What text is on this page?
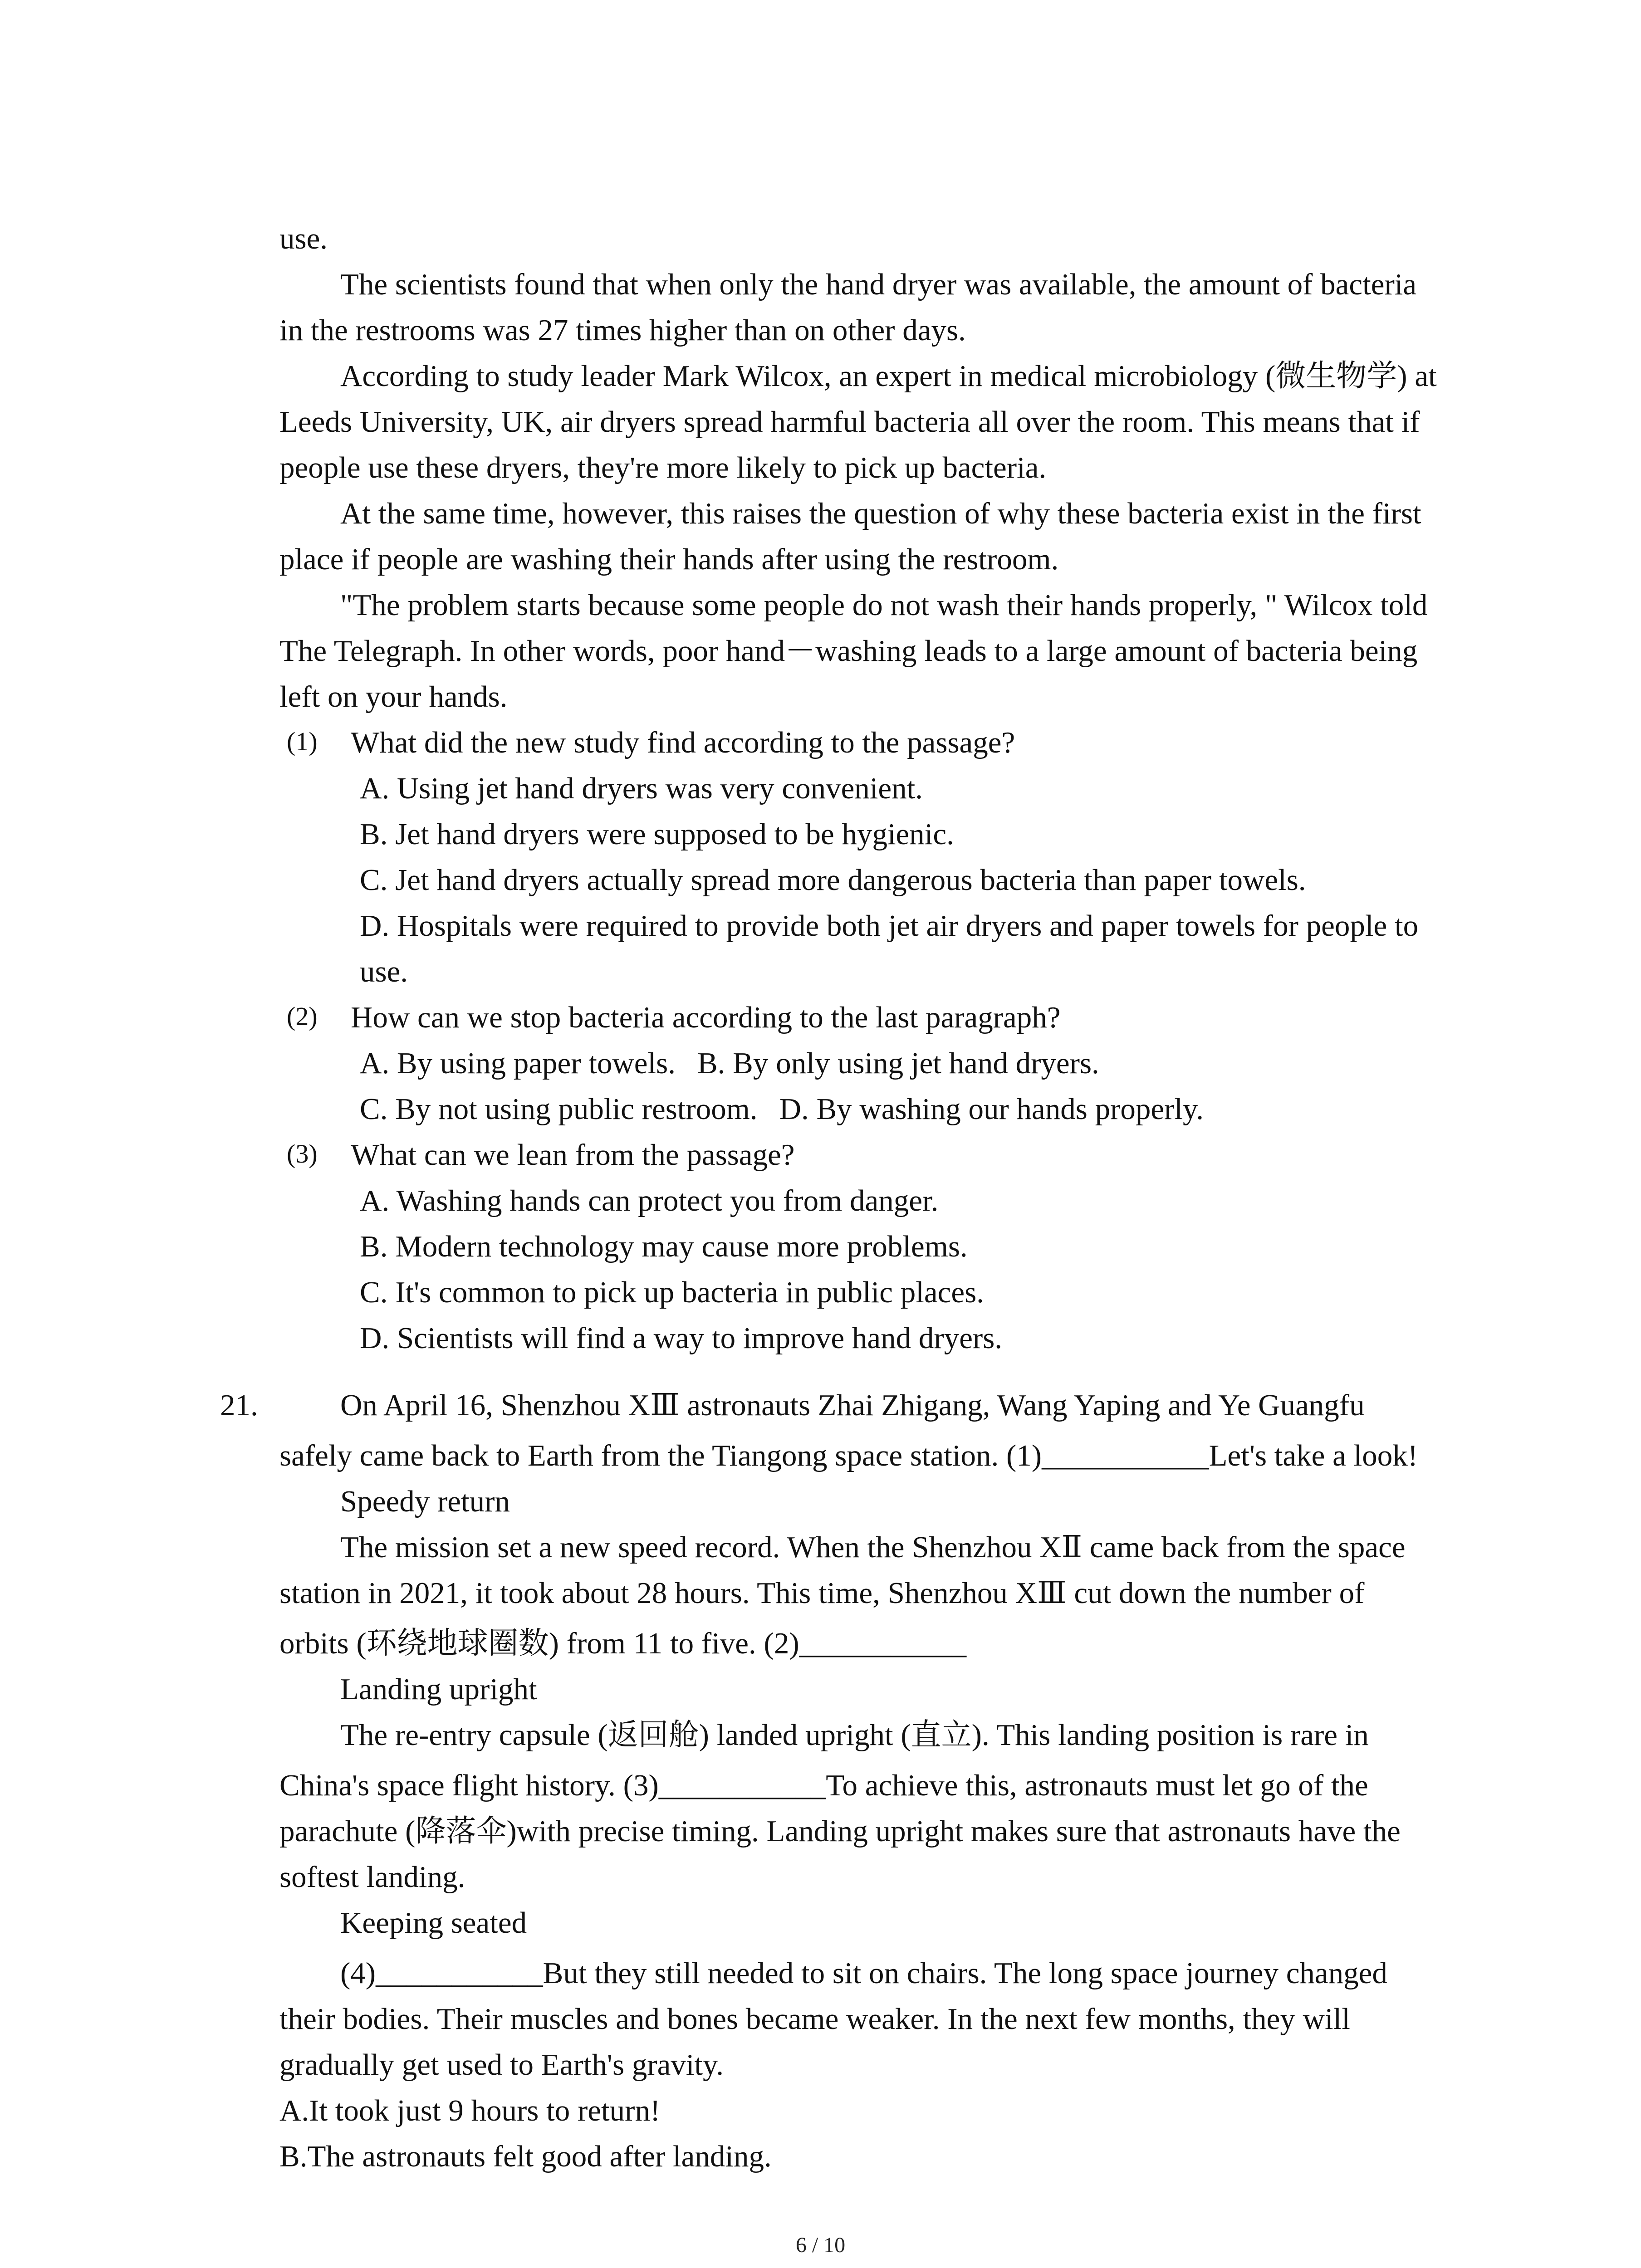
use.
The scientists found that when only the hand dryer was available, the amount of bacteria
in the restrooms was 27 times higher than on other days.
According to study leader Mark Wilcox, an expert in medical microbiology (微生物学) at
Leeds University, UK, air dryers spread harmful bacteria all over the room. This means that if
people use these dryers, they're more likely to pick up bacteria.
At the same time, however, this raises the question of why these bacteria exist in the first
place if people are washing their hands after using the restroom.
"The problem starts because some people do not wash their hands properly, " Wilcox told
The Telegraph. In other words, poor hand－washing leads to a large amount of bacteria being
left on your hands.
(1) What did the new study find according to the passage?
A. Using jet hand dryers was very convenient.
B. Jet hand dryers were supposed to be hygienic.
C. Jet hand dryers actually spread more dangerous bacteria than paper towels.
D. Hospitals were required to provide both jet air dryers and paper towels for people to
use.
(2) How can we stop bacteria according to the last paragraph?
A. By using paper towels. B. By only using jet hand dryers.
C. By not using public restroom. D. By washing our hands properly.
(3) What can we lean from the passage?
A. Washing hands can protect you from danger.
B. Modern technology may cause more problems.
C. It's common to pick up bacteria in public places.
D. Scientists will find a way to improve hand dryers.
21.	On April 16, Shenzhou XⅢ astronauts Zhai Zhigang, Wang Yaping and Ye Guangfu
safely came back to Earth from the Tiangong space station. (1)___________Let's take a look!
Speedy return
The mission set a new speed record. When the Shenzhou XⅡ came back from the space
station in 2021, it took about 28 hours. This time, Shenzhou XⅢ cut down the number of
orbits (环绕地球圈数) from 11 to five. (2)___________
Landing upright
The re-entry capsule (返回舱) landed upright (直立). This landing position is rare in
China's space flight history. (3)___________To achieve this, astronauts must let go of the
parachute (降落伞)with precise timing. Landing upright makes sure that astronauts have the
softest landing.
Keeping seated
(4)___________But they still needed to sit on chairs. The long space journey changed
their bodies. Their muscles and bones became weaker. In the next few months, they will
gradually get used to Earth's gravity.
A.It took just 9 hours to return!
B.The astronauts felt good after landing.
6 / 10
